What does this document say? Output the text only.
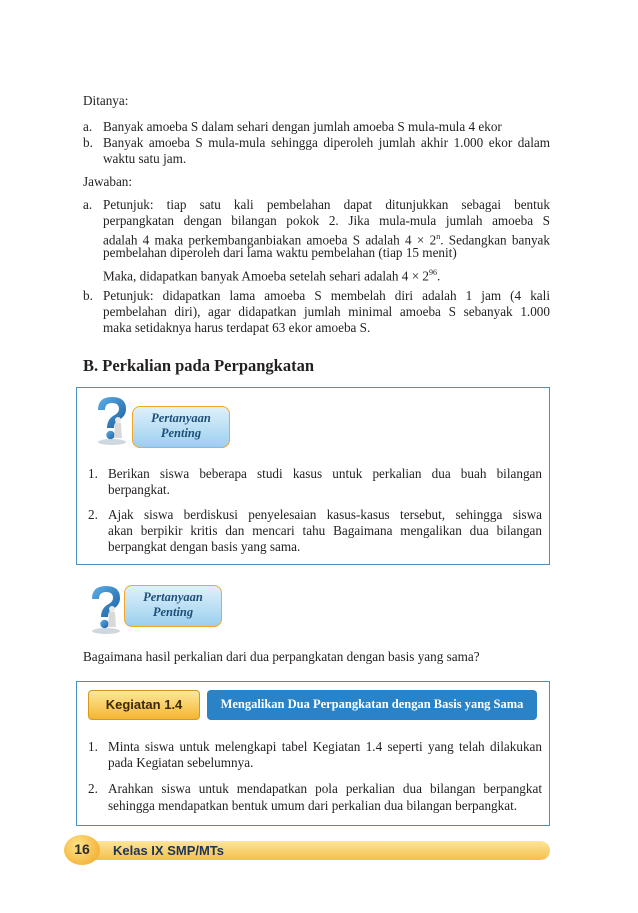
Ditanya:
a. Banyak amoeba S dalam sehari dengan jumlah amoeba S mula-mula 4 ekor
b. Banyak amoeba S mula-mula sehingga diperoleh jumlah akhir 1.000 ekor dalam
waktu satu jam.
Jawaban:
a. Petunjuk: tiap satu kali pembelahan dapat ditunjukkan sebagai bentuk
perpangkatan dengan bilangan pokok 2. Jika mula-mula jumlah amoeba S
adalah 4 maka perkembanganbiakan amoeba S adalah $4 \times 2^n$. Sedangkan banyak
pembelahan diperoleh dari lama waktu pembelahan (tiap 15 menit)
Maka, didapatkan banyak Amoeba setelah sehari adalah $4 \times 2^{96}$.
b. Petunjuk: didapatkan lama amoeba S membelah diri adalah 1 jam (4 kali
pembelahan diri), agar didapatkan jumlah minimal amoeba S sebanyak 1.000
maka setidaknya harus terdapat 63 ekor amoeba S.
B. Perkalian pada Perpangkatan
Pertanyaan
Penting
1. Berikan siswa beberapa studi kasus untuk perkalian dua buah bilangan
berpangkat.
2. Ajak siswa berdiskusi penyelesaian kasus-kasus tersebut, sehingga siswa
akan berpikir kritis dan mencari tahu Bagaimana mengalikan dua bilangan
berpangkat dengan basis yang sama.
Pertanyaan
Penting
Bagaimana hasil perkalian dari dua perpangkatan dengan basis yang sama?
Kegiatan 1.4	Mengalikan Dua Perpangkatan dengan Basis yang Sama
1. Minta siswa untuk melengkapi tabel Kegiatan 1.4 seperti yang telah dilakukan
pada Kegiatan sebelumnya.
2. Arahkan siswa untuk mendapatkan pola perkalian dua bilangan berpangkat
sehingga mendapatkan bentuk umum dari perkalian dua bilangan berpangkat.
16	Kelas IX SMP/MTs
